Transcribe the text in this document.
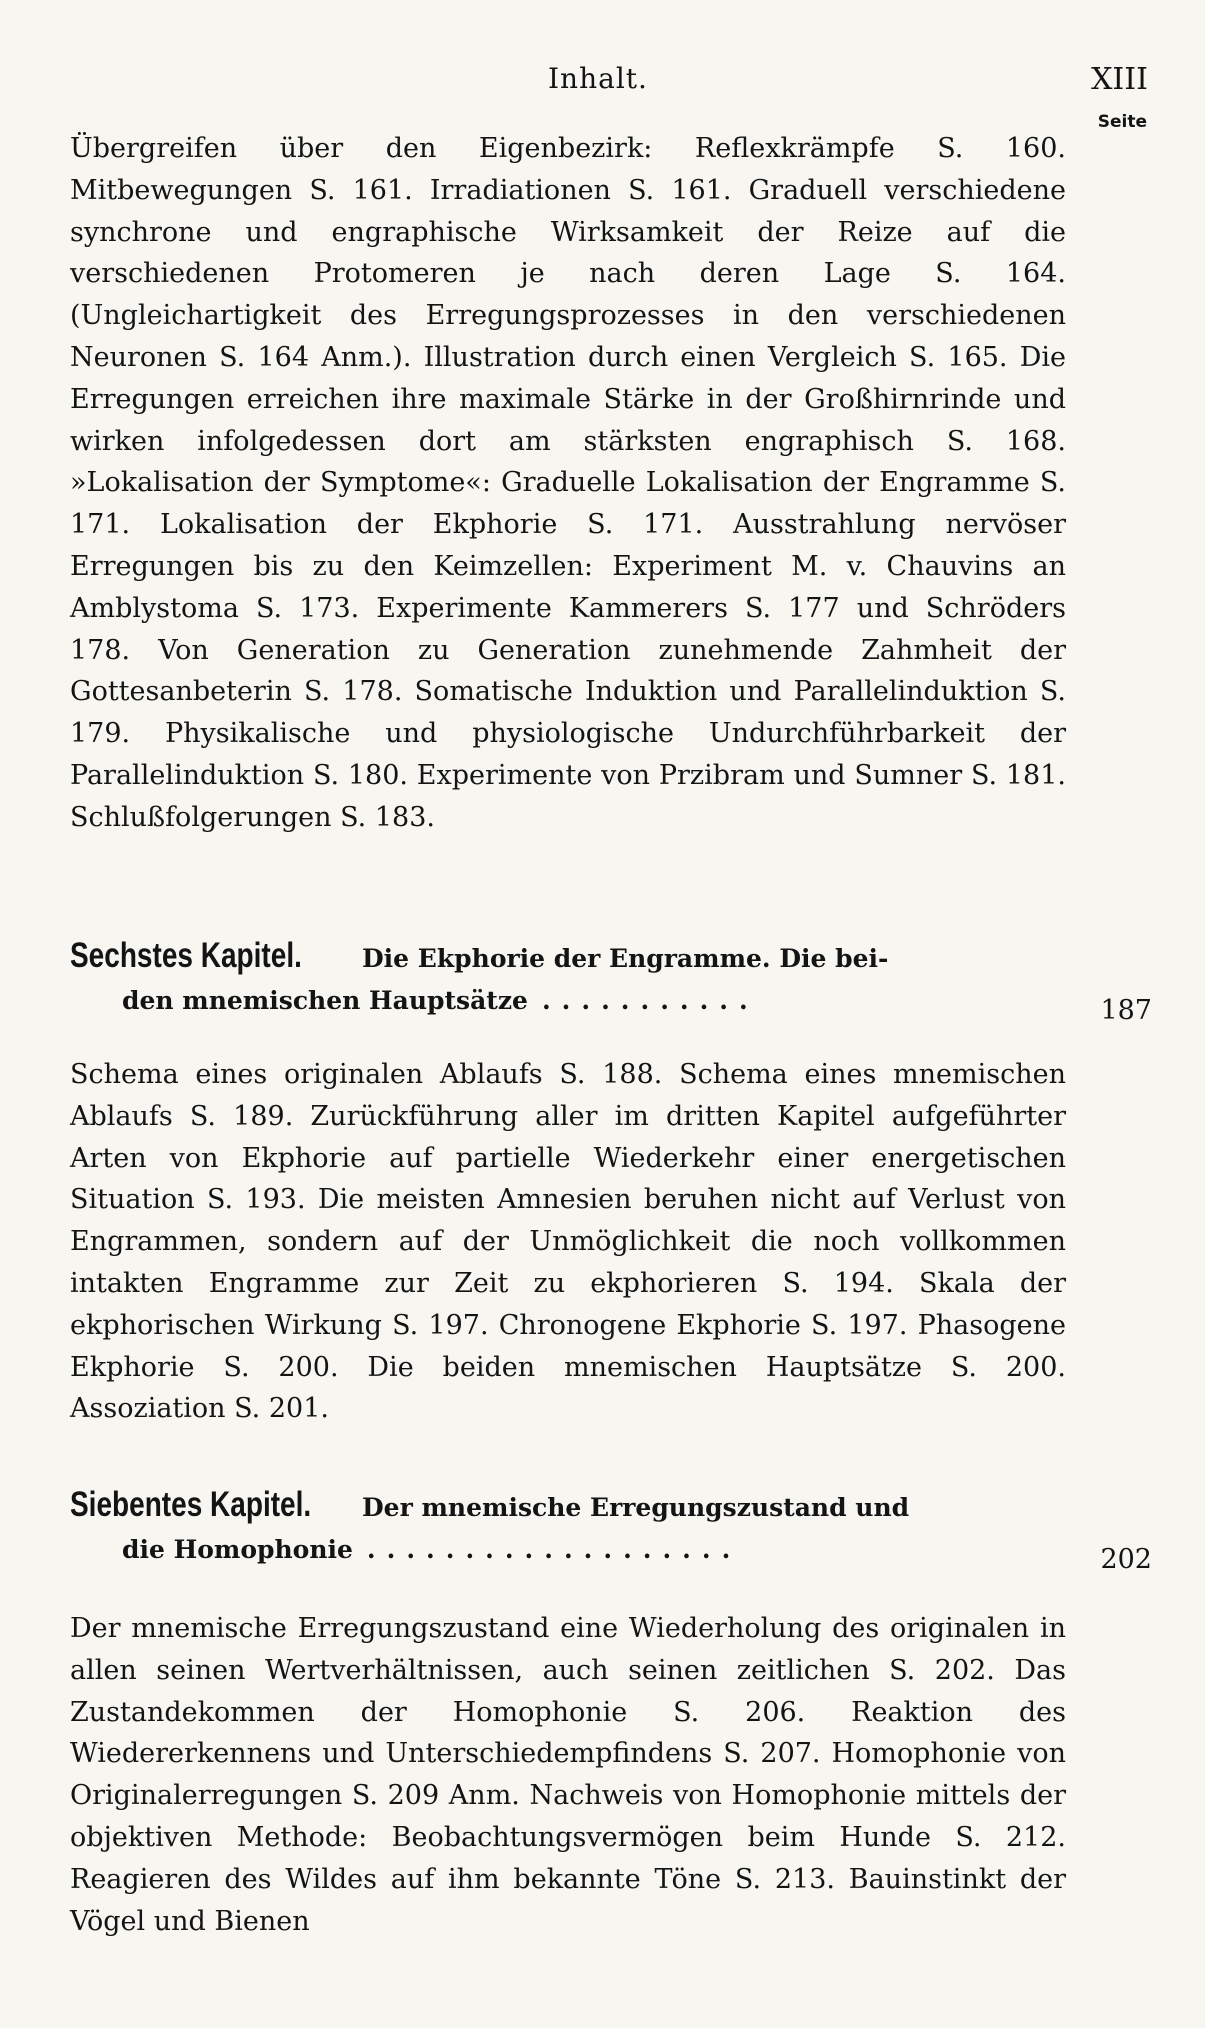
Inhalt.	XIII
Seite

Übergreifen über den Eigenbezirk: Reflexkrämpfe S. 160. Mitbewegungen S. 161. Irradiationen S. 161. Graduell verschiedene synchrone und engraphische Wirksamkeit der Reize auf die verschiedenen Protomeren je nach deren Lage S. 164. (Ungleichartigkeit des Erregungsprozesses in den verschiedenen Neuronen S. 164 Anm.). Illustration durch einen Vergleich S. 165. Die Erregungen erreichen ihre maximale Stärke in der Großhirnrinde und wirken infolgedessen dort am stärksten engraphisch S. 168. »Lokalisation der Symptome«: Graduelle Lokalisation der Engramme S. 171. Lokalisation der Ekphorie S. 171. Ausstrahlung nervöser Erregungen bis zu den Keimzellen: Experiment M. v. Chauvins an Amblystoma S. 173. Experimente Kammerers S. 177 und Schröders 178. Von Generation zu Generation zunehmende Zahmheit der Gottesanbeterin S. 178. Somatische Induktion und Parallelinduktion S. 179. Physikalische und physiologische Undurchführbarkeit der Parallelinduktion S. 180. Experimente von Przibram und Sumner S. 181. Schlußfolgerungen S. 183.

Sechstes Kapitel. Die Ekphorie der Engramme. Die bei-
den mnemischen Hauptsätze ...........	187

Schema eines originalen Ablaufs S. 188. Schema eines mnemischen Ablaufs S. 189. Zurückführung aller im dritten Kapitel aufgeführter Arten von Ekphorie auf partielle Wiederkehr einer energetischen Situation S. 193. Die meisten Amnesien beruhen nicht auf Verlust von Engrammen, sondern auf der Unmöglichkeit die noch vollkommen intakten Engramme zur Zeit zu ekphorieren S. 194. Skala der ekphorischen Wirkung S. 197. Chronogene Ekphorie S. 197. Phasogene Ekphorie S. 200. Die beiden mnemischen Hauptsätze S. 200. Assoziation S. 201.

Siebentes Kapitel. Der mnemische Erregungszustand und
die Homophonie ...................	202

Der mnemische Erregungszustand eine Wiederholung des originalen in allen seinen Wertverhältnissen, auch seinen zeitlichen S. 202. Das Zustandekommen der Homophonie S. 206. Reaktion des Wiedererkennens und Unterschiedempfindens S. 207. Homophonie von Originalerregungen S. 209 Anm. Nachweis von Homophonie mittels der objektiven Methode: Beobachtungsvermögen beim Hunde S. 212. Reagieren des Wildes auf ihm bekannte Töne S. 213. Bauinstinkt der Vögel und Bienen
